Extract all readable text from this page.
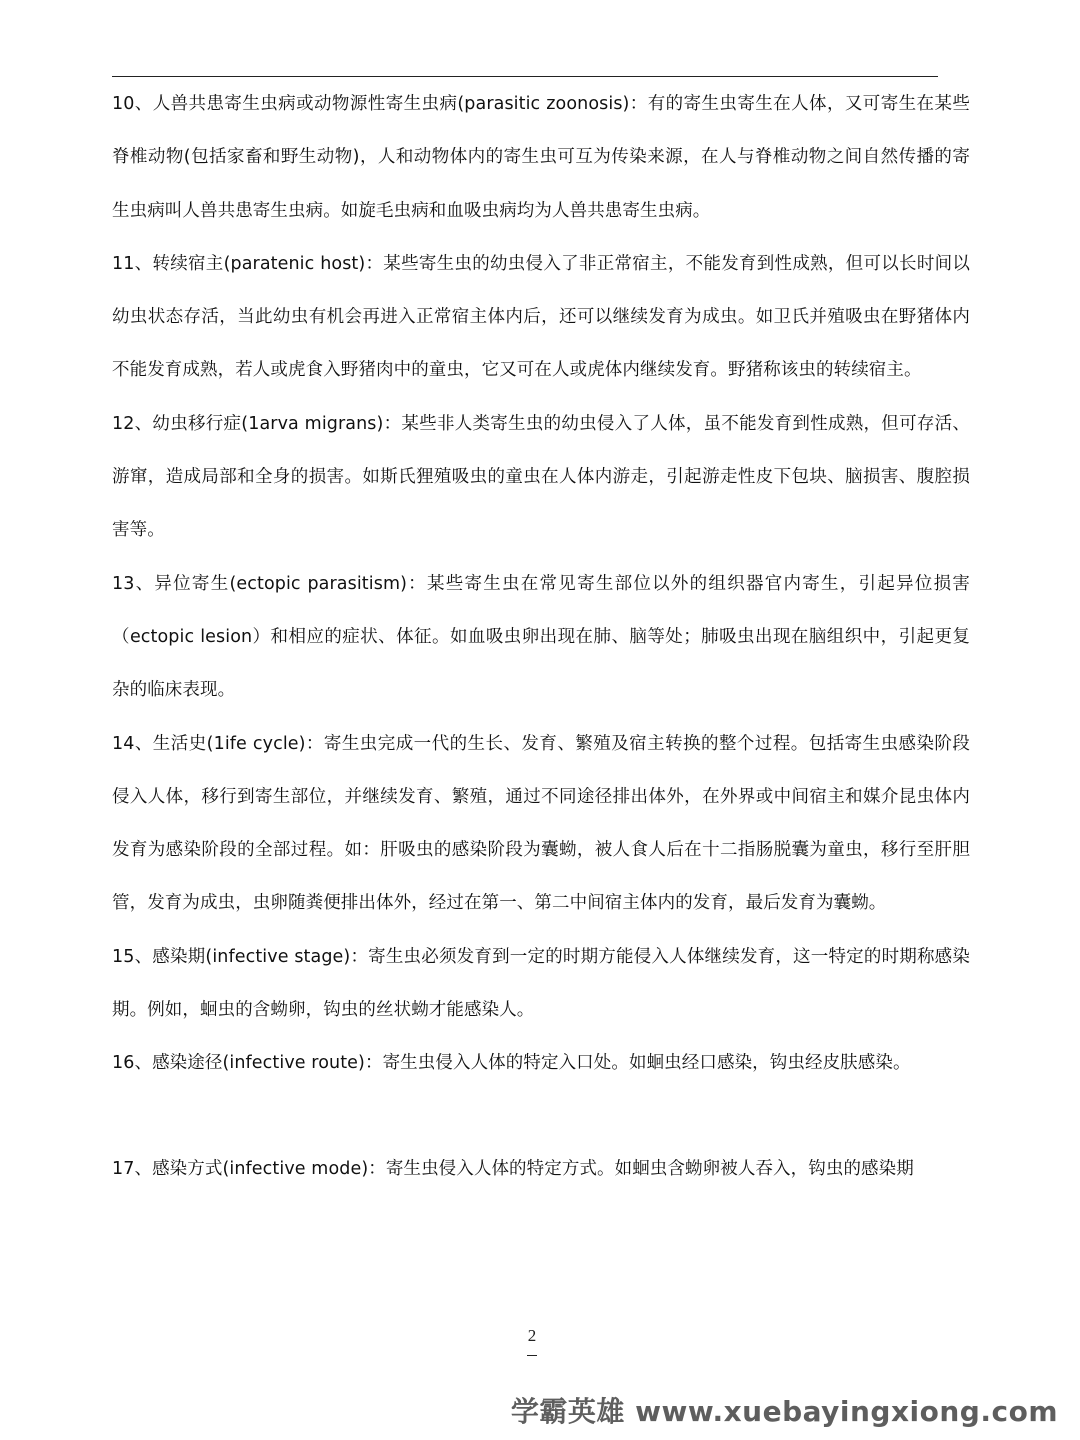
10、人兽共患寄生虫病或动物源性寄生虫病(parasitic zoonosis)：有的寄生虫寄生在人体，又可寄生在某些脊椎动物(包括家畜和野生动物)，人和动物体内的寄生虫可互为传染来源，在人与脊椎动物之间自然传播的寄生虫病叫人兽共患寄生虫病。如旋毛虫病和血吸虫病均为人兽共患寄生虫病。

11、转续宿主(paratenic host)：某些寄生虫的幼虫侵入了非正常宿主，不能发育到性成熟，但可以长时间以幼虫状态存活，当此幼虫有机会再进入正常宿主体内后，还可以继续发育为成虫。如卫氏并殖吸虫在野猪体内不能发育成熟，若人或虎食入野猪肉中的童虫，它又可在人或虎体内继续发育。野猪称该虫的转续宿主。

12、幼虫移行症(1arva migrans)：某些非人类寄生虫的幼虫侵入了人体，虽不能发育到性成熟，但可存活、游窜，造成局部和全身的损害。如斯氏狸殖吸虫的童虫在人体内游走，引起游走性皮下包块、脑损害、腹腔损害等。

13、异位寄生(ectopic parasitism)：某些寄生虫在常见寄生部位以外的组织器官内寄生，引起异位损害（ectopic lesion）和相应的症状、体征。如血吸虫卵出现在肺、脑等处；肺吸虫出现在脑组织中，引起更复杂的临床表现。

14、生活史(1ife cycle)：寄生虫完成一代的生长、发育、繁殖及宿主转换的整个过程。包括寄生虫感染阶段侵入人体，移行到寄生部位，并继续发育、繁殖，通过不同途径排出体外，在外界或中间宿主和媒介昆虫体内发育为感染阶段的全部过程。如：肝吸虫的感染阶段为囊蚴，被人食人后在十二指肠脱囊为童虫，移行至肝胆管，发育为成虫，虫卵随粪便排出体外，经过在第一、第二中间宿主体内的发育，最后发育为囊蚴。

15、感染期(infective stage)：寄生虫必须发育到一定的时期方能侵入人体继续发育，这一特定的时期称感染期。例如，蛔虫的含蚴卵，钩虫的丝状蚴才能感染人。

16、感染途径(infective route)：寄生虫侵入人体的特定入口处。如蛔虫经口感染，钩虫经皮肤感染。

17、感染方式(infective mode)：寄生虫侵入人体的特定方式。如蛔虫含蚴卵被人吞入，钩虫的感染期

2
学霸英雄 www.xuebayingxiong.com
